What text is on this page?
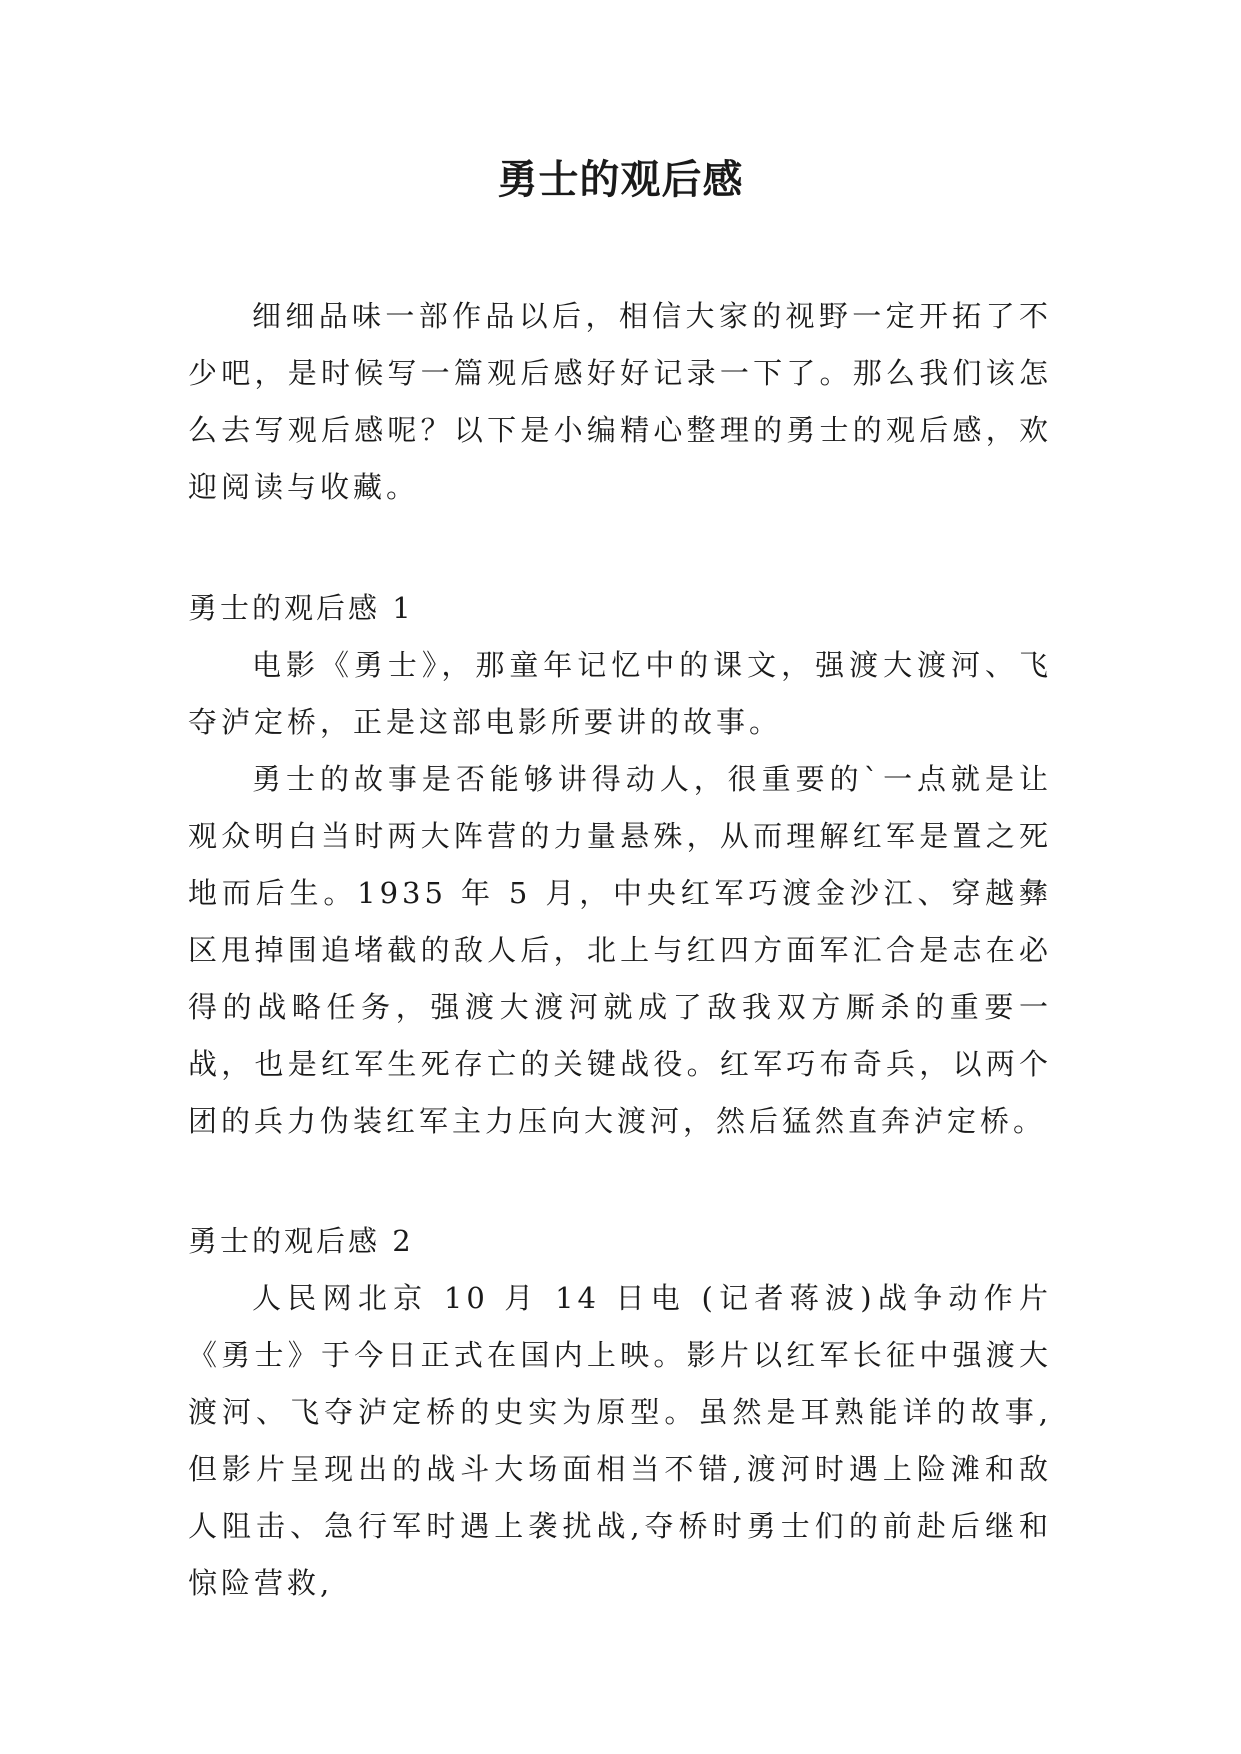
勇士的观后感

细细品味一部作品以后，相信大家的视野一定开拓了不少吧，是时候写一篇观后感好好记录一下了。那么我们该怎么去写观后感呢？以下是小编精心整理的勇士的观后感，欢迎阅读与收藏。

勇士的观后感 1

电影《勇士》，那童年记忆中的课文，强渡大渡河、飞夺泸定桥，正是这部电影所要讲的故事。

勇士的故事是否能够讲得动人，很重要的`一点就是让观众明白当时两大阵营的力量悬殊，从而理解红军是置之死地而后生。1935 年 5 月，中央红军巧渡金沙江、穿越彝区甩掉围追堵截的敌人后，北上与红四方面军汇合是志在必得的战略任务，强渡大渡河就成了敌我双方厮杀的重要一战，也是红军生死存亡的关键战役。红军巧布奇兵，以两个团的兵力伪装红军主力压向大渡河，然后猛然直奔泸定桥。

勇士的观后感 2

人民网北京 10 月 14 日电 (记者蒋波)战争动作片《勇士》于今日正式在国内上映。影片以红军长征中强渡大渡河、飞夺泸定桥的史实为原型。虽然是耳熟能详的故事,但影片呈现出的战斗大场面相当不错,渡河时遇上险滩和敌人阻击、急行军时遇上袭扰战,夺桥时勇士们的前赴后继和惊险营救,
